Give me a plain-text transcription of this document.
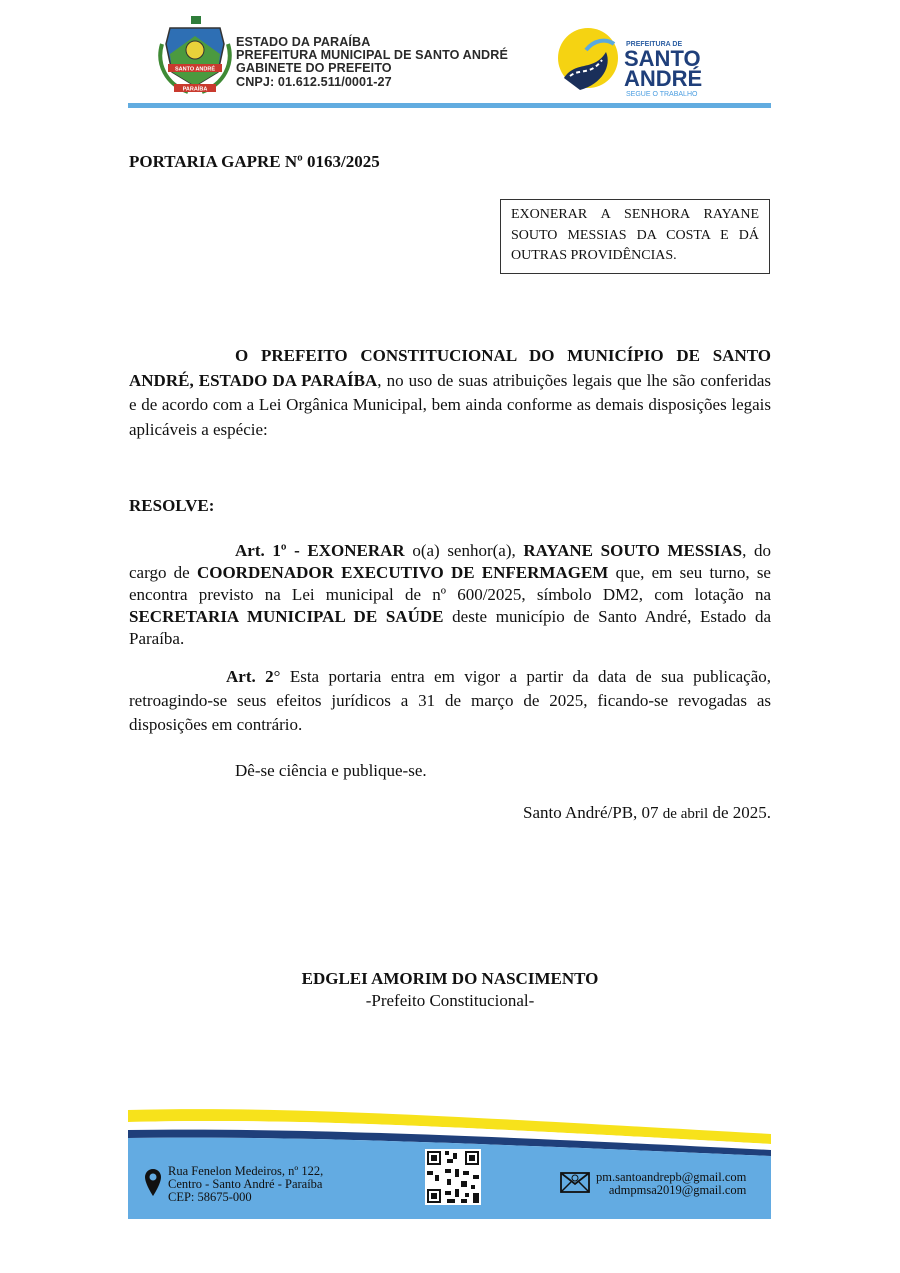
SANTO ANDRÉ
PARAÍBA
ESTADO DA PARAÍBA
PREFEITURA MUNICIPAL DE SANTO ANDRÉ
GABINETE DO PREFEITO
CNPJ: 01.612.511/0001-27
PREFEITURA DE
SANTO
ANDRÉ
SEGUE O TRABALHO
PORTARIA GAPRE Nº 0163/2025
EXONERAR A SENHORA RAYANE SOUTO MESSIAS DA COSTA E DÁ OUTRAS PROVIDÊNCIAS.
O PREFEITO CONSTITUCIONAL DO MUNICÍPIO DE SANTO ANDRÉ, ESTADO DA PARAÍBA, no uso de suas atribuições legais que lhe são conferidas e de acordo com a Lei Orgânica Municipal, bem ainda conforme as demais disposições legais aplicáveis a espécie:
RESOLVE:
Art. 1º - EXONERAR o(a) senhor(a), RAYANE SOUTO MESSIAS, do cargo de COORDENADOR EXECUTIVO DE ENFERMAGEM que, em seu turno, se encontra previsto na Lei municipal de nº 600/2025, símbolo DM2, com lotação na SECRETARIA MUNICIPAL DE SAÚDE deste município de Santo André, Estado da Paraíba.
Art. 2° Esta portaria entra em vigor a partir da data de sua publicação, retroagindo-se seus efeitos jurídicos a 31 de março de 2025, ficando-se revogadas as disposições em contrário.
Dê-se ciência e publique-se.
Santo André/PB, 07 de abril de 2025.
EDGLEI AMORIM DO NASCIMENTO
-Prefeito Constitucional-
Rua Fenelon Medeiros, nº 122,
Centro - Santo André - Paraíba
CEP: 58675-000
pm.santoandrepb@gmail.com
admpmsa2019@gmail.com
